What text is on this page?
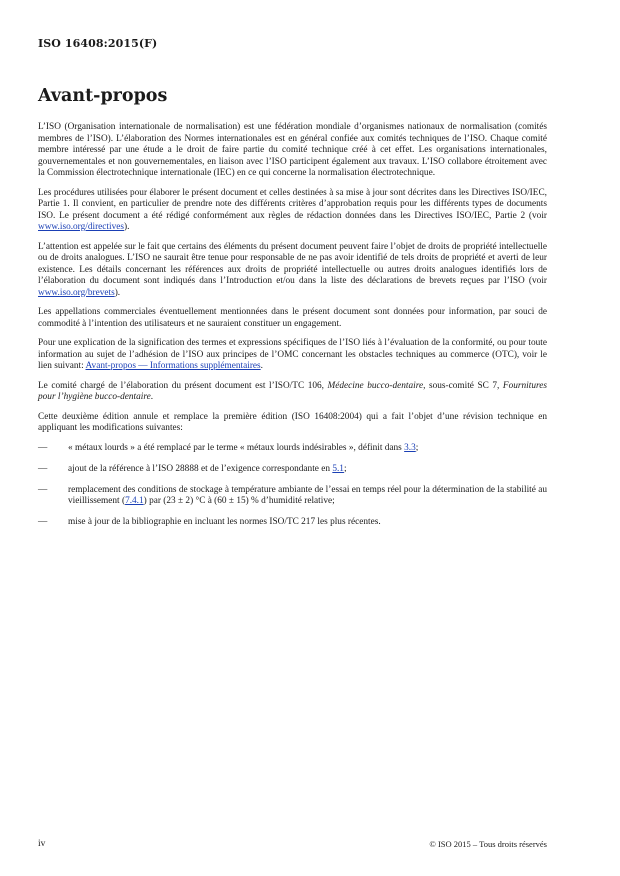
ISO 16408:2015(F)
Avant-propos

L’ISO (Organisation internationale de normalisation) est une fédération mondiale d’organismes nationaux de normalisation (comités membres de l’ISO). L’élaboration des Normes internationales est en général confiée aux comités techniques de l’ISO. Chaque comité membre intéressé par une étude a le droit de faire partie du comité technique créé à cet effet. Les organisations internationales, gouvernementales et non gouvernementales, en liaison avec l’ISO participent également aux travaux. L’ISO collabore étroitement avec la Commission électrotechnique internationale (IEC) en ce qui concerne la normalisation électrotechnique.

Les procédures utilisées pour élaborer le présent document et celles destinées à sa mise à jour sont décrites dans les Directives ISO/IEC, Partie 1. Il convient, en particulier de prendre note des différents critères d’approbation requis pour les différents types de documents ISO. Le présent document a été rédigé conformément aux règles de rédaction données dans les Directives ISO/IEC, Partie 2 (voir www.iso.org/directives).

L’attention est appelée sur le fait que certains des éléments du présent document peuvent faire l’objet de droits de propriété intellectuelle ou de droits analogues. L’ISO ne saurait être tenue pour responsable de ne pas avoir identifié de tels droits de propriété et averti de leur existence. Les détails concernant les références aux droits de propriété intellectuelle ou autres droits analogues identifiés lors de l’élaboration du document sont indiqués dans l’Introduction et/ou dans la liste des déclarations de brevets reçues par l’ISO (voir www.iso.org/brevets).

Les appellations commerciales éventuellement mentionnées dans le présent document sont données pour information, par souci de commodité à l’intention des utilisateurs et ne sauraient constituer un engagement.

Pour une explication de la signification des termes et expressions spécifiques de l’ISO liés à l’évaluation de la conformité, ou pour toute information au sujet de l’adhésion de l’ISO aux principes de l’OMC concernant les obstacles techniques au commerce (OTC), voir le lien suivant: Avant-propos — Informations supplémentaires.

Le comité chargé de l’élaboration du présent document est l’ISO/TC 106, Médecine bucco-dentaire, sous-comité SC 7, Fournitures pour l’hygiène bucco-dentaire.

Cette deuxième édition annule et remplace la première édition (ISO 16408:2004) qui a fait l’objet d’une révision technique en appliquant les modifications suivantes:

— « métaux lourds » a été remplacé par le terme « métaux lourds indésirables », définit dans 3.3;
— ajout de la référence à l’ISO 28888 et de l’exigence correspondante en 5.1;
— remplacement des conditions de stockage à température ambiante de l’essai en temps réel pour la détermination de la stabilité au vieillissement (7.4.1) par (23 ± 2) °C à (60 ± 15) % d’humidité relative;
— mise à jour de la bibliographie en incluant les normes ISO/TC 217 les plus récentes.
iv	© ISO 2015 – Tous droits réservés
